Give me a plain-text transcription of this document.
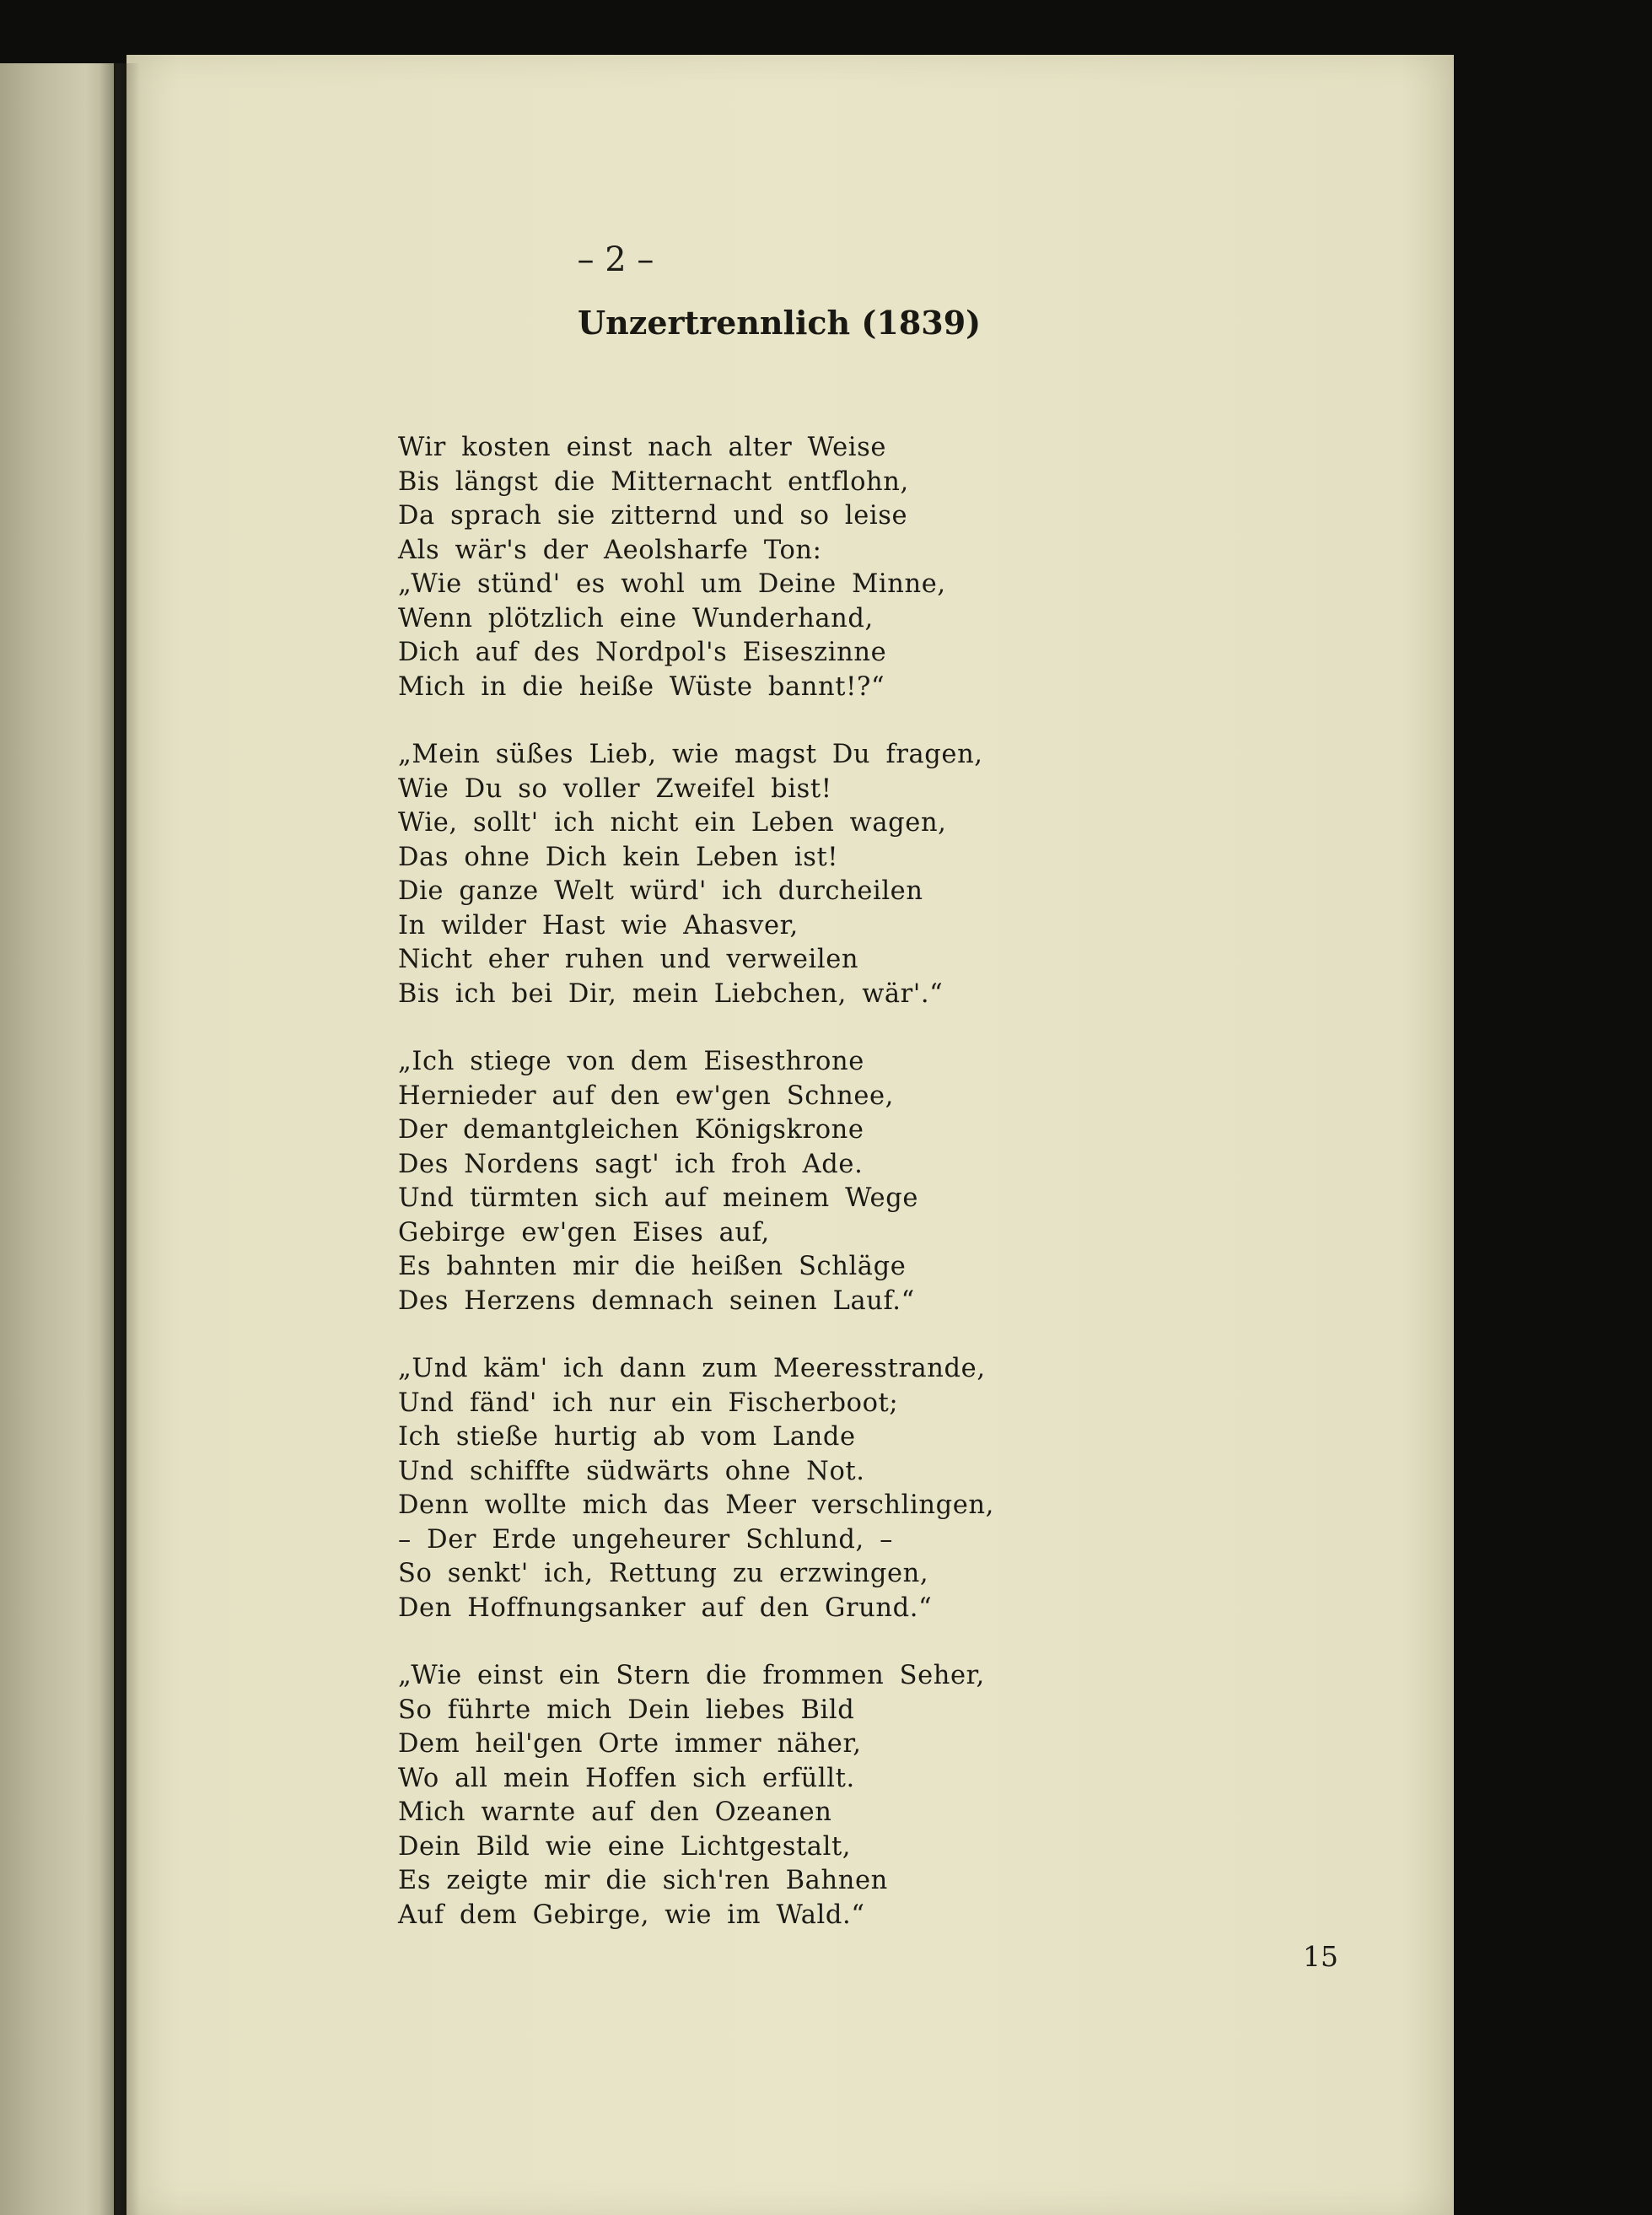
– 2 –
Unzertrennlich (1839)
Wir kosten einst nach alter Weise
Bis längst die Mitternacht entflohn,
Da sprach sie zitternd und so leise
Als wär's der Aeolsharfe Ton:
„Wie stünd' es wohl um Deine Minne,
Wenn plötzlich eine Wunderhand,
Dich auf des Nordpol's Eiseszinne
Mich in die heiße Wüste bannt!?“
„Mein süßes Lieb, wie magst Du fragen,
Wie Du so voller Zweifel bist!
Wie, sollt' ich nicht ein Leben wagen,
Das ohne Dich kein Leben ist!
Die ganze Welt würd' ich durcheilen
In wilder Hast wie Ahasver,
Nicht eher ruhen und verweilen
Bis ich bei Dir, mein Liebchen, wär'.“
„Ich stiege von dem Eisesthrone
Hernieder auf den ew'gen Schnee,
Der demantgleichen Königskrone
Des Nordens sagt' ich froh Ade.
Und türmten sich auf meinem Wege
Gebirge ew'gen Eises auf,
Es bahnten mir die heißen Schläge
Des Herzens demnach seinen Lauf.“
„Und käm' ich dann zum Meeresstrande,
Und fänd' ich nur ein Fischerboot;
Ich stieße hurtig ab vom Lande
Und schiffte südwärts ohne Not.
Denn wollte mich das Meer verschlingen,
– Der Erde ungeheurer Schlund, –
So senkt' ich, Rettung zu erzwingen,
Den Hoffnungsanker auf den Grund.“
„Wie einst ein Stern die frommen Seher,
So führte mich Dein liebes Bild
Dem heil'gen Orte immer näher,
Wo all mein Hoffen sich erfüllt.
Mich warnte auf den Ozeanen
Dein Bild wie eine Lichtgestalt,
Es zeigte mir die sich'ren Bahnen
Auf dem Gebirge, wie im Wald.“
15
